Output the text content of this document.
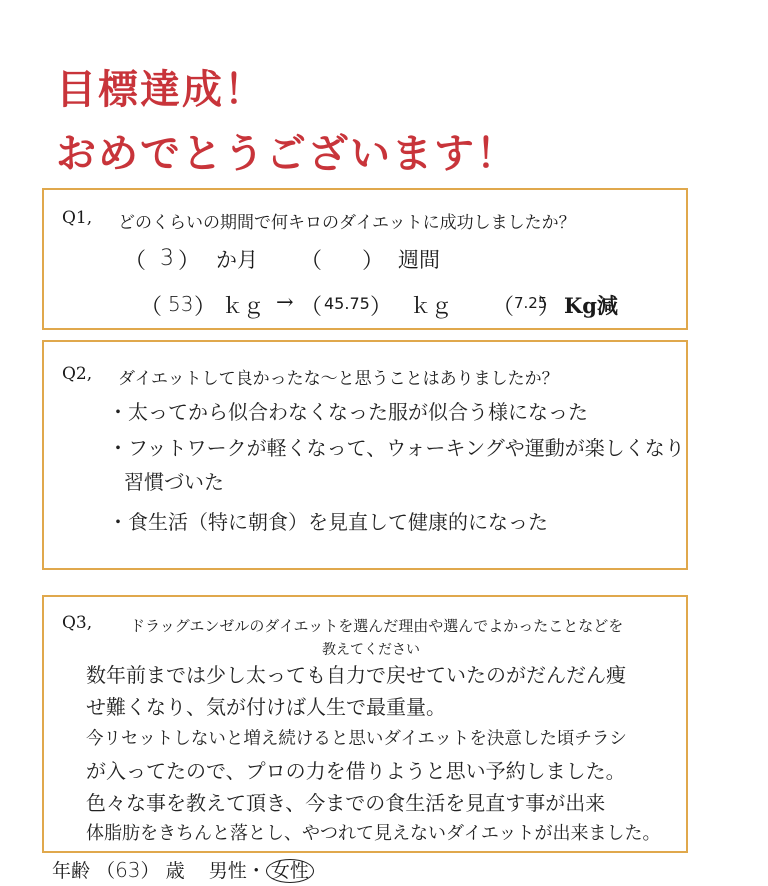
目標達成！
おめでとうございます！
Q1, どのくらいの期間で何キロのダイエットに成功しましたか？
（ 3 ） か月 （ ） 週間
（ 53 ） ｋｇ → （ 45.75 ） ｋｇ （ 7.25
） Kg減
Q2, ダイエットして良かったな～と思うことはありましたか？
・太ってから似合わなくなった服が似合う様になった
・フットワークが軽くなって、ウォーキングや運動が楽しくなり
習慣づいた
・食生活（特に朝食）を見直して健康的になった
Q3,	ドラッグエンゼルのダイエットを選んだ理由や選んでよかったことなどを
教えてください
数年前までは少し太っても自力で戻せていたのがだんだん痩
せ難くなり、気が付けば人生で最重量。
今リセットしないと増え続けると思いダイエットを決意した頃チラシ
が入ってたので、プロの力を借りようと思い予約しました。
色々な事を教えて頂き、今までの食生活を見直す事が出来
体脂肪をきちんと落とし、やつれて見えないダイエットが出来ました。
年齢 （63） 歳 男性・ 女性
